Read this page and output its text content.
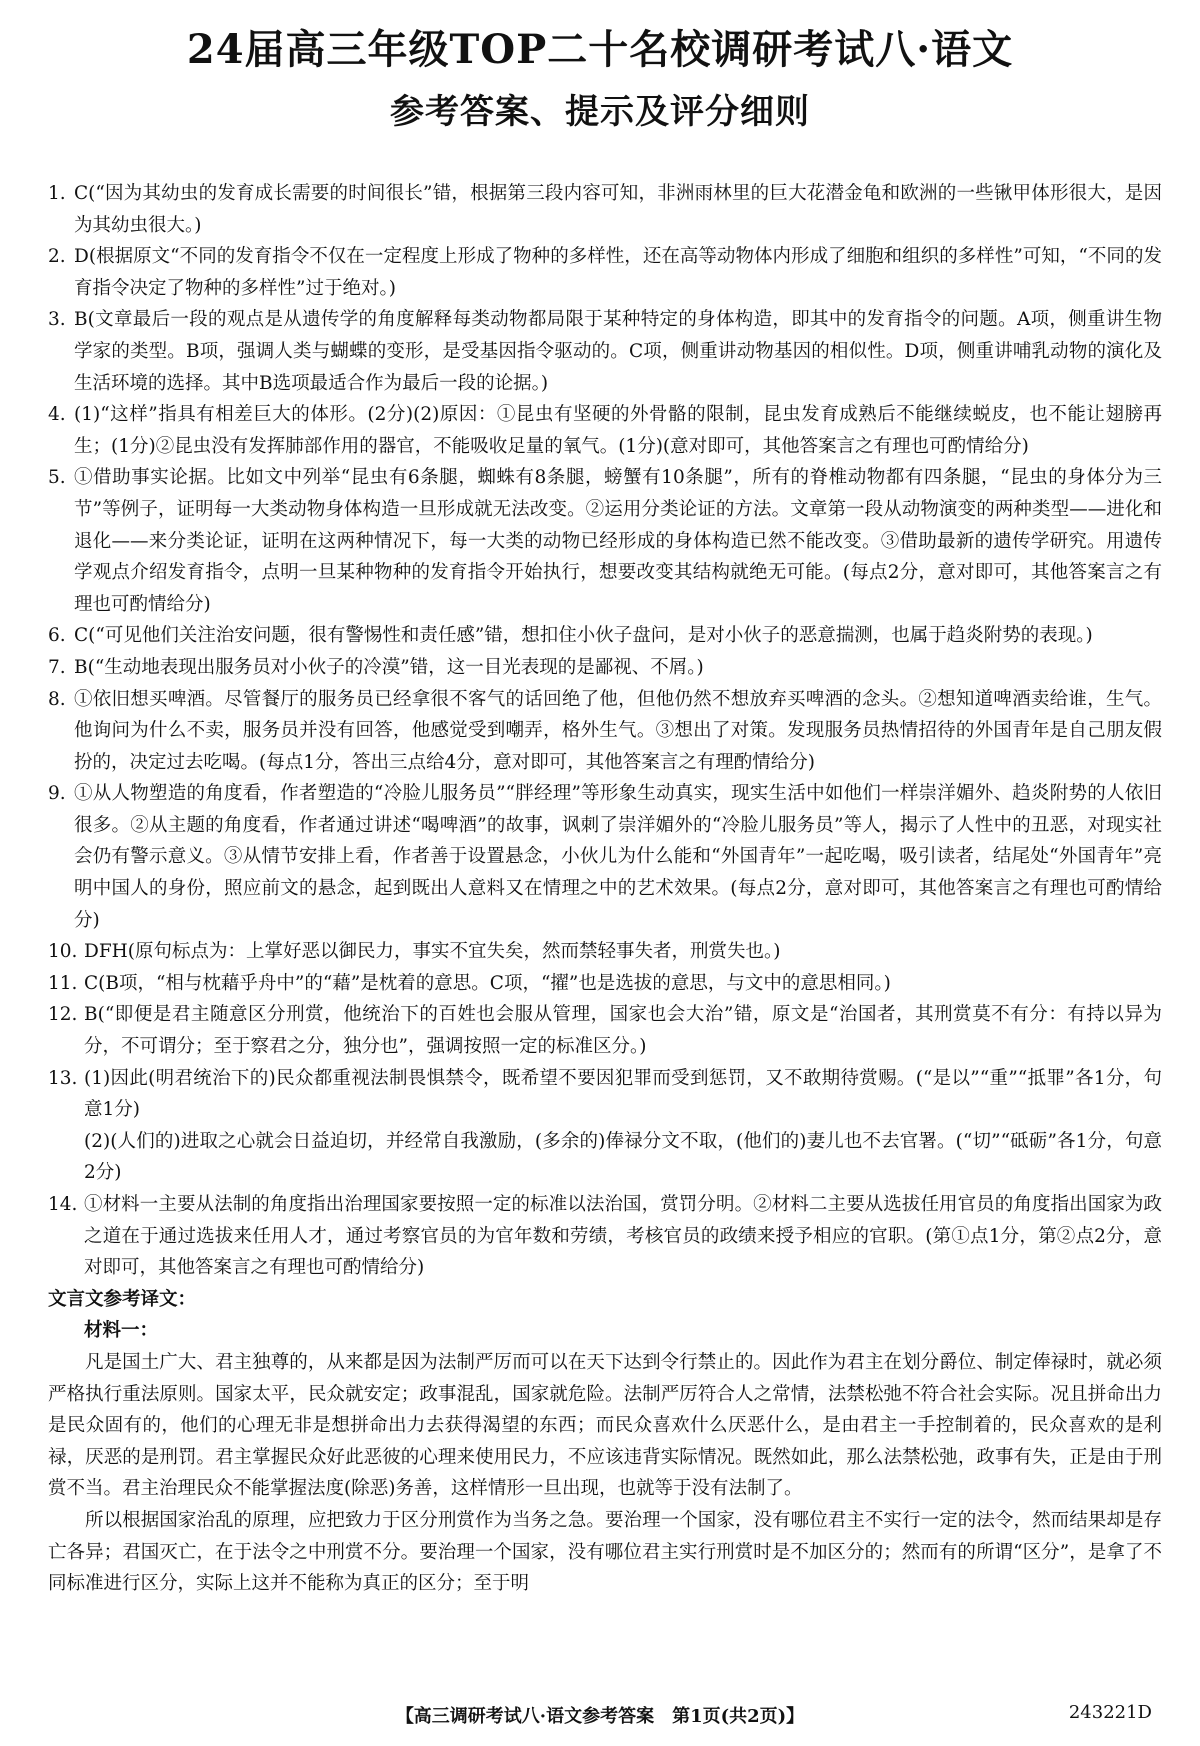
24届高三年级TOP二十名校调研考试八·语文
参考答案、提示及评分细则
1. C(“因为其幼虫的发育成长需要的时间很长”错，根据第三段内容可知，非洲雨林里的巨大花潜金龟和欧洲的一些锹甲体形很大，是因为其幼虫很大。)
2. D(根据原文“不同的发育指令不仅在一定程度上形成了物种的多样性，还在高等动物体内形成了细胞和组织的多样性”可知，“不同的发育指令决定了物种的多样性”过于绝对。)
3. B(文章最后一段的观点是从遗传学的角度解释每类动物都局限于某种特定的身体构造，即其中的发育指令的问题。A项，侧重讲生物学家的类型。B项，强调人类与蝴蝶的变形，是受基因指令驱动的。C项，侧重讲动物基因的相似性。D项，侧重讲哺乳动物的演化及生活环境的选择。其中B选项最适合作为最后一段的论据。)
4. (1)“这样”指具有相差巨大的体形。(2分)(2)原因：①昆虫有坚硬的外骨骼的限制，昆虫发育成熟后不能继续蜕皮，也不能让翅膀再生；(1分)②昆虫没有发挥肺部作用的器官，不能吸收足量的氧气。(1分)(意对即可，其他答案言之有理也可酌情给分)
5. ①借助事实论据。比如文中列举“昆虫有6条腿，蜘蛛有8条腿，螃蟹有10条腿”，所有的脊椎动物都有四条腿，“昆虫的身体分为三节”等例子，证明每一大类动物身体构造一旦形成就无法改变。②运用分类论证的方法。文章第一段从动物演变的两种类型——进化和退化——来分类论证，证明在这两种情况下，每一大类的动物已经形成的身体构造已然不能改变。③借助最新的遗传学研究。用遗传学观点介绍发育指令，点明一旦某种物种的发育指令开始执行，想要改变其结构就绝无可能。(每点2分，意对即可，其他答案言之有理也可酌情给分)
6. C(“可见他们关注治安问题，很有警惕性和责任感”错，想扣住小伙子盘问，是对小伙子的恶意揣测，也属于趋炎附势的表现。)
7. B(“生动地表现出服务员对小伙子的冷漠”错，这一目光表现的是鄙视、不屑。)
8. ①依旧想买啤酒。尽管餐厅的服务员已经拿很不客气的话回绝了他，但他仍然不想放弃买啤酒的念头。②想知道啤酒卖给谁，生气。他询问为什么不卖，服务员并没有回答，他感觉受到嘲弄，格外生气。③想出了对策。发现服务员热情招待的外国青年是自己朋友假扮的，决定过去吃喝。(每点1分，答出三点给4分，意对即可，其他答案言之有理酌情给分)
9. ①从人物塑造的角度看，作者塑造的“冷脸儿服务员”“胖经理”等形象生动真实，现实生活中如他们一样崇洋媚外、趋炎附势的人依旧很多。②从主题的角度看，作者通过讲述“喝啤酒”的故事，讽刺了崇洋媚外的“冷脸儿服务员”等人，揭示了人性中的丑恶，对现实社会仍有警示意义。③从情节安排上看，作者善于设置悬念，小伙儿为什么能和“外国青年”一起吃喝，吸引读者，结尾处“外国青年”亮明中国人的身份，照应前文的悬念，起到既出人意料又在情理之中的艺术效果。(每点2分，意对即可，其他答案言之有理也可酌情给分)
10. DFH(原句标点为：上掌好恶以御民力，事实不宜失矣，然而禁轻事失者，刑赏失也。)
11. C(B项，“相与枕藉乎舟中”的“藉”是枕着的意思。C项，“擢”也是选拔的意思，与文中的意思相同。)
12. B(“即便是君主随意区分刑赏，他统治下的百姓也会服从管理，国家也会大治”错，原文是“治国者，其刑赏莫不有分：有持以异为分，不可谓分；至于察君之分，独分也”，强调按照一定的标准区分。)
13. (1)因此(明君统治下的)民众都重视法制畏惧禁令，既希望不要因犯罪而受到惩罚，又不敢期待赏赐。(“是以”“重”“抵罪”各1分，句意1分)
(2)(人们的)进取之心就会日益迫切，并经常自我激励，(多余的)俸禄分文不取，(他们的)妻儿也不去官署。(“切”“砥砺”各1分，句意2分)
14. ①材料一主要从法制的角度指出治理国家要按照一定的标准以法治国，赏罚分明。②材料二主要从选拔任用官员的角度指出国家为政之道在于通过选拔来任用人才，通过考察官员的为官年数和劳绩，考核官员的政绩来授予相应的官职。(第①点1分，第②点2分，意对即可，其他答案言之有理也可酌情给分)
文言文参考译文：
材料一：
凡是国土广大、君主独尊的，从来都是因为法制严厉而可以在天下达到令行禁止的。因此作为君主在划分爵位、制定俸禄时，就必须严格执行重法原则。国家太平，民众就安定；政事混乱，国家就危险。法制严厉符合人之常情，法禁松弛不符合社会实际。况且拼命出力是民众固有的，他们的心理无非是想拼命出力去获得渴望的东西；而民众喜欢什么厌恶什么，是由君主一手控制着的，民众喜欢的是利禄，厌恶的是刑罚。君主掌握民众好此恶彼的心理来使用民力，不应该违背实际情况。既然如此，那么法禁松弛，政事有失，正是由于刑赏不当。君主治理民众不能掌握法度(除恶)务善，这样情形一旦出现，也就等于没有法制了。
所以根据国家治乱的原理，应把致力于区分刑赏作为当务之急。要治理一个国家，没有哪位君主不实行一定的法令，然而结果却是存亡各异；君国灭亡，在于法令之中刑赏不分。要治理一个国家，没有哪位君主实行刑赏时是不加区分的；然而有的所谓“区分”，是拿了不同标准进行区分，实际上这并不能称为真正的区分；至于明
【高三调研考试八·语文参考答案　第1页(共2页)】	243221D
